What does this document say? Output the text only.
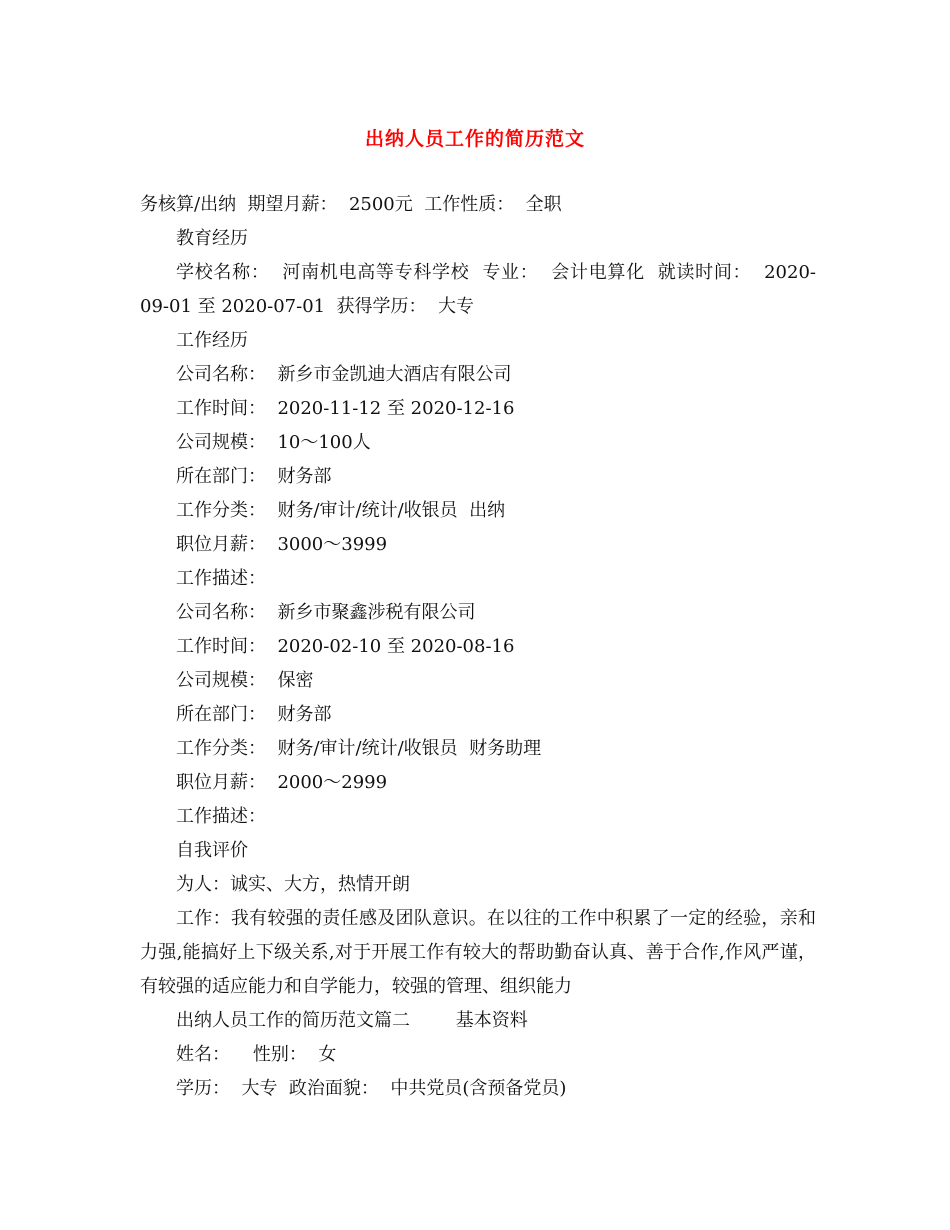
出纳人员工作的简历范文

务核算/出纳  期望月薪：  2500元  工作性质：  全职

教育经历

学校名称：  河南机电高等专科学校  专业：  会计电算化  就读时间：  2020-09-01 至 2020-07-01  获得学历：  大专

工作经历

公司名称：  新乡市金凯迪大酒店有限公司

工作时间：  2020-11-12 至 2020-12-16

公司规模：  10～100人

所在部门：  财务部

工作分类：  财务/审计/统计/收银员  出纳

职位月薪：  3000～3999

工作描述：

公司名称：  新乡市聚鑫涉税有限公司

工作时间：  2020-02-10 至 2020-08-16

公司规模：  保密

所在部门：  财务部

工作分类：  财务/审计/统计/收银员  财务助理

职位月薪：  2000～2999

工作描述：

自我评价

为人：诚实、大方，热情开朗

工作：我有较强的责任感及团队意识。在以往的工作中积累了一定的经验，亲和力强,能搞好上下级关系,对于开展工作有较大的帮助勤奋认真、善于合作,作风严谨，有较强的适应能力和自学能力，较强的管理、组织能力

出纳人员工作的简历范文篇二        基本资料

姓名：    性别：  女

学历：  大专  政治面貌：  中共党员(含预备党员)
